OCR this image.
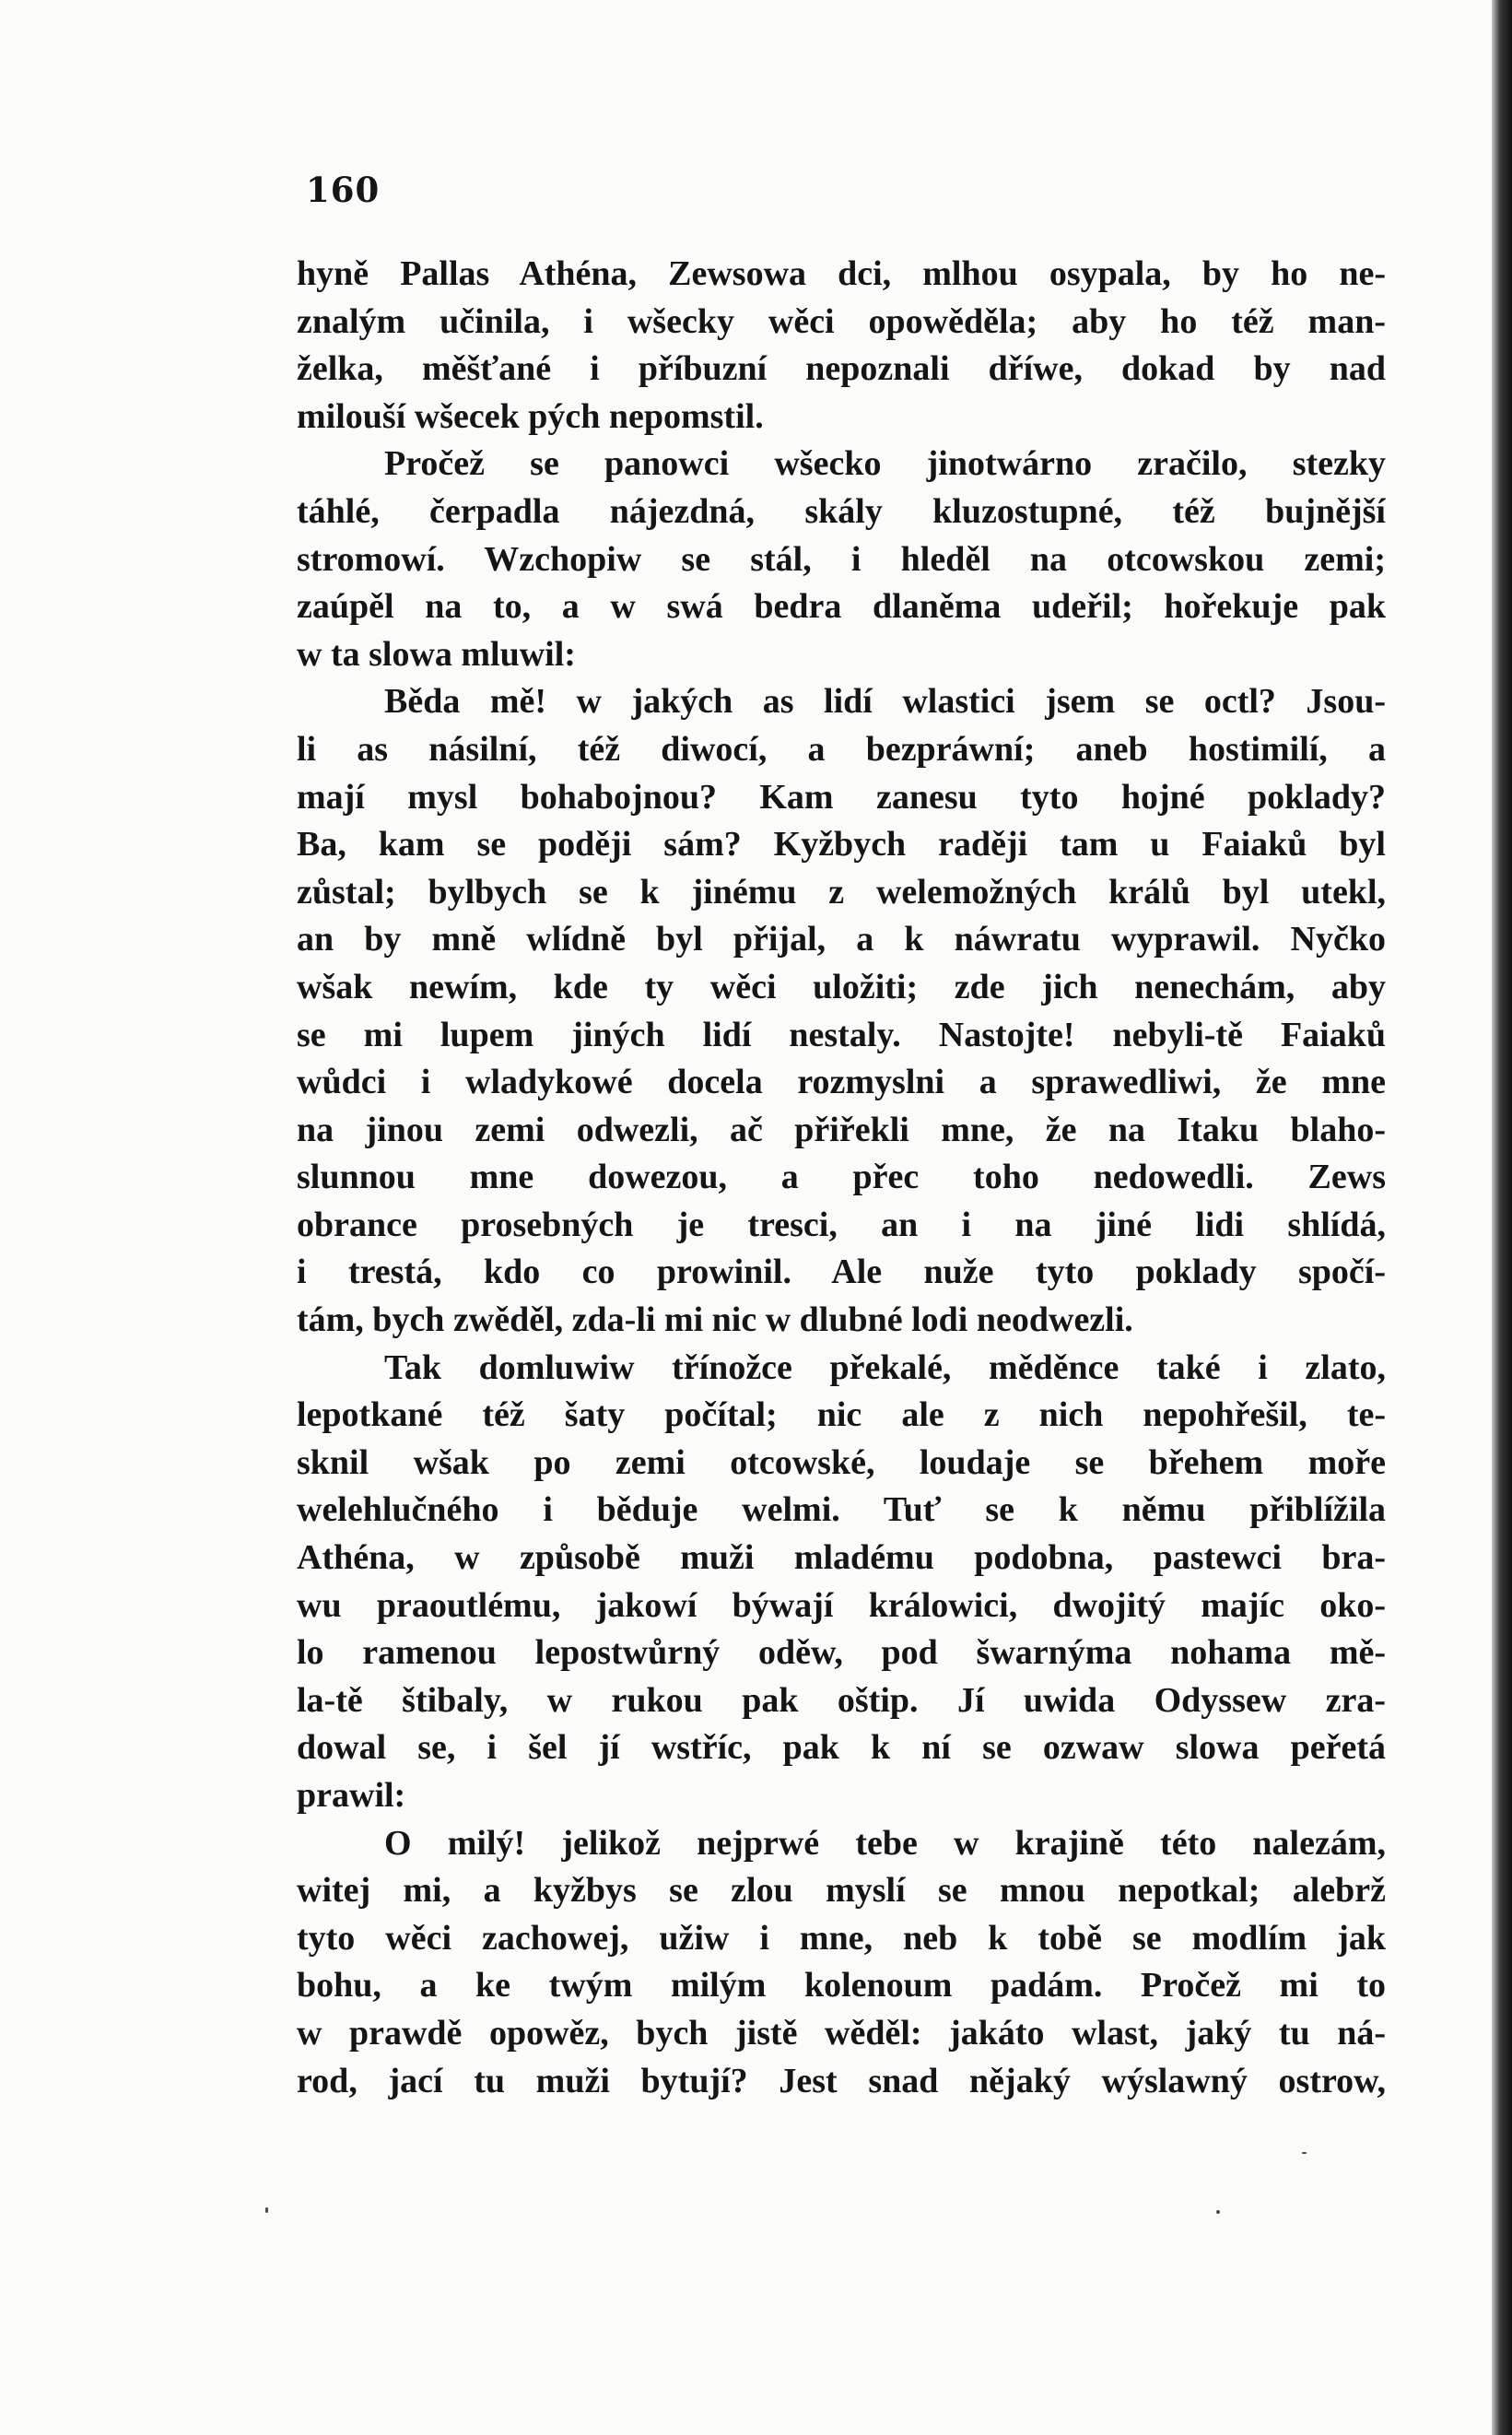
160
hyně Pallas Athéna, Zewsowa dci, mlhou osypala, by ho ne-
znalým učinila, i wšecky wěci opowěděla; aby ho též man-
želka, měšťané i příbuzní nepoznali dříwe, dokad by nad
milouší wšecek pých nepomstil.
Pročež se panowci wšecko jinotwárno zračilo, stezky
táhlé, čerpadla nájezdná, skály kluzostupné, též bujnější
stromowí. Wzchopiw se stál, i hleděl na otcowskou zemi;
zaúpěl na to, a w swá bedra dlaněma udeřil; hořekuje pak
w ta slowa mluwil:
Běda mě! w jakých as lidí wlastici jsem se octl? Jsou-
li as násilní, též diwocí, a bezpráwní; aneb hostimilí, a
mají mysl bohabojnou? Kam zanesu tyto hojné poklady?
Ba, kam se poději sám? Kyžbych raději tam u Faiaků byl
zůstal; bylbych se k jinému z welemožných králů byl utekl,
an by mně wlídně byl přijal, a k náwratu wyprawil. Nyčko
wšak newím, kde ty wěci uložiti; zde jich nenechám, aby
se mi lupem jiných lidí nestaly. Nastojte! nebyli-tě Faiaků
wůdci i wladykowé docela rozmyslni a sprawedliwi, že mne
na jinou zemi odwezli, ač přiřekli mne, že na Itaku blaho-
slunnou mne dowezou, a přec toho nedowedli. Zews
obrance prosebných je tresci, an i na jiné lidi shlídá,
i trestá, kdo co prowinil. Ale nuže tyto poklady spočí-
tám, bych zwěděl, zda-li mi nic w dlubné lodi neodwezli.
Tak domluwiw třínožce překalé, měděnce také i zlato,
lepotkané též šaty počítal; nic ale z nich nepohřešil, te-
sknil wšak po zemi otcowské, loudaje se břehem moře
welehlučného i běduje welmi. Tuť se k němu přiblížila
Athéna, w způsobě muži mladému podobna, pastewci bra-
wu praoutlému, jakowí býwají králowici, dwojitý majíc oko-
lo ramenou lepostwůrný oděw, pod šwarnýma nohama mě-
la-tě štibaly, w rukou pak oštip. Jí uwida Odyssew zra-
dowal se, i šel jí wstříc, pak k ní se ozwaw slowa peřetá
prawil:
O milý! jelikož nejprwé tebe w krajině této nalezám,
witej mi, a kyžbys se zlou myslí se mnou nepotkal; alebrž
tyto wěci zachowej, užiw i mne, neb k tobě se modlím jak
bohu, a ke twým milým kolenoum padám. Pročež mi to
w prawdě opowěz, bych jistě wěděl: jakáto wlast, jaký tu ná-
rod, jací tu muži bytují? Jest snad nějaký wýslawný ostrow,
